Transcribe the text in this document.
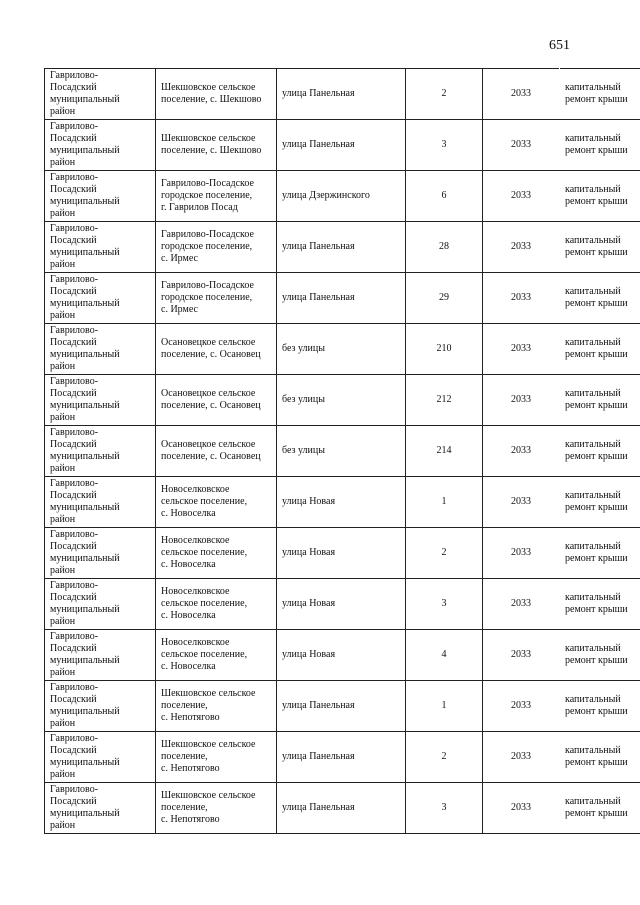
651
Гаврилово-
Посадский
муниципальный
район	Шекшовское сельское
поселение, с. Шекшово	улица Панельная	2	2033	капитальный
ремонт крыши

Гаврилово-
Посадский
муниципальный
район	Шекшовское сельское
поселение, с. Шекшово	улица Панельная	3	2033	капитальный
ремонт крыши

Гаврилово-
Посадский
муниципальный
район	Гаврилово-Посадское
городское поселение,
г. Гаврилов Посад	улица Дзержинского	6	2033	капитальный
ремонт крыши

Гаврилово-
Посадский
муниципальный
район	Гаврилово-Посадское
городское поселение,
с. Ирмес	улица Панельная	28	2033	капитальный
ремонт крыши

Гаврилово-
Посадский
муниципальный
район	Гаврилово-Посадское
городское поселение,
с. Ирмес	улица Панельная	29	2033	капитальный
ремонт крыши

Гаврилово-
Посадский
муниципальный
район	Осановецкое сельское
поселение, с. Осановец	без улицы	210	2033	капитальный
ремонт крыши

Гаврилово-
Посадский
муниципальный
район	Осановецкое сельское
поселение, с. Осановец	без улицы	212	2033	капитальный
ремонт крыши

Гаврилово-
Посадский
муниципальный
район	Осановецкое сельское
поселение, с. Осановец	без улицы	214	2033	капитальный
ремонт крыши

Гаврилово-
Посадский
муниципальный
район	Новоселковское
сельское поселение,
с. Новоселка	улица Новая	1	2033	капитальный
ремонт крыши

Гаврилово-
Посадский
муниципальный
район	Новоселковское
сельское поселение,
с. Новоселка	улица Новая	2	2033	капитальный
ремонт крыши

Гаврилово-
Посадский
муниципальный
район	Новоселковское
сельское поселение,
с. Новоселка	улица Новая	3	2033	капитальный
ремонт крыши

Гаврилово-
Посадский
муниципальный
район	Новоселковское
сельское поселение,
с. Новоселка	улица Новая	4	2033	капитальный
ремонт крыши

Гаврилово-
Посадский
муниципальный
район	Шекшовское сельское
поселение,
с. Непотягово	улица Панельная	1	2033	капитальный
ремонт крыши

Гаврилово-
Посадский
муниципальный
район	Шекшовское сельское
поселение,
с. Непотягово	улица Панельная	2	2033	капитальный
ремонт крыши

Гаврилово-
Посадский
муниципальный
район	Шекшовское сельское
поселение,
с. Непотягово	улица Панельная	3	2033	капитальный
ремонт крыши
